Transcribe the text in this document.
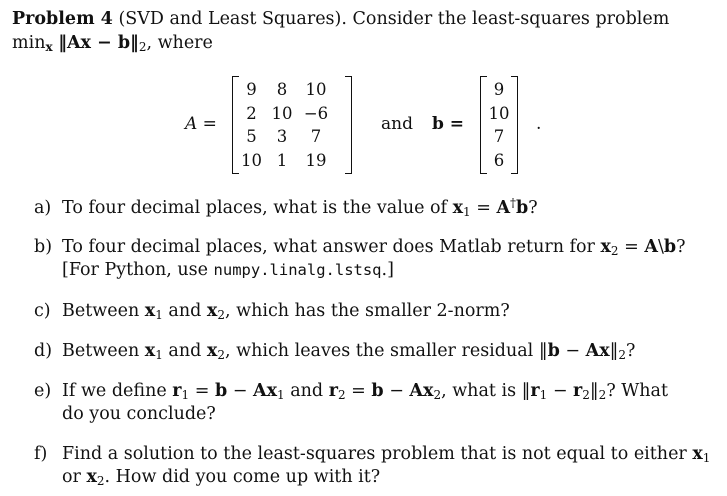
Problem 4 (SVD and Least Squares). Consider the least-squares problem
$\min_x$ ‖Ax − $b‖_2$, where
A =
9	8	10
2	10	−6
5	3	7
10	1	19
and b =
9
10
7
6
.
a) To four decimal places, what is the value of $x_1 = A^\dagger b$?
b) To four decimal places, what answer does Matlab return for $x_2$ = A\b?
[For Python, use numpy.linalg.lstsq.]
c) Between $x_1$ and $x_2$, which has the smaller 2-norm?
d) Between $x_1$ and $x_2$, which leaves the smaller residual ‖b − $Ax‖_2$?
e) If we define $r_1 = b - Ax_1$ and $r_2 = b - Ax_2$, what is $‖r_1$ − $r_2‖_2$? What
do you conclude?
f) Find a solution to the least-squares problem that is not equal to either $x_1$
or $x_2$. How did you come up with it?
